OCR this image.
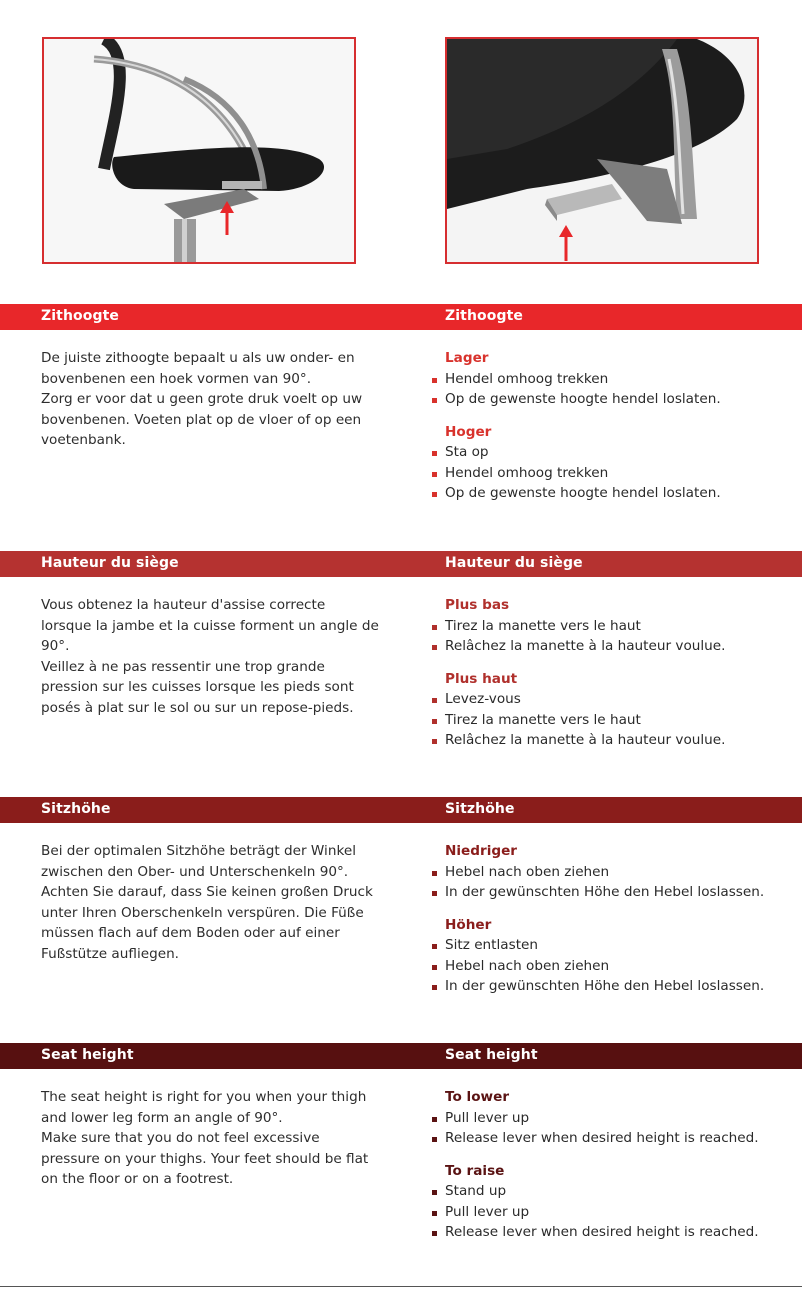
Zithoogte	Zithoogte

De juiste zithoogte bepaalt u als uw onder- en bovenbenen een hoek vormen van 90°.

Zorg er voor dat u geen grote druk voelt op uw bovenbenen. Voeten plat op de vloer of op een voetenbank.

Lager
Hendel omhoog trekken
Op de gewenste hoogte hendel loslaten.
Hoger
Sta op
Hendel omhoog trekken
Op de gewenste hoogte hendel loslaten.
Hauteur du siège	Hauteur du siège

Vous obtenez la hauteur d'assise correcte lorsque la jambe et la cuisse forment un angle de 90°.

Veillez à ne pas ressentir une trop grande pression sur les cuisses lorsque les pieds sont posés à plat sur le sol ou sur un repose-pieds.

Plus bas
Tirez la manette vers le haut
Relâchez la manette à la hauteur voulue.
Plus haut
Levez-vous
Tirez la manette vers le haut
Relâchez la manette à la hauteur voulue.
Sitzhöhe	Sitzhöhe

Bei der optimalen Sitzhöhe beträgt der Winkel zwischen den Ober- und Unterschenkeln 90°. Achten Sie darauf, dass Sie keinen großen Druck unter Ihren Oberschenkeln verspüren. Die Füße müssen flach auf dem Boden oder auf einer Fußstütze aufliegen.

Niedriger
Hebel nach oben ziehen
In der gewünschten Höhe den Hebel loslassen.
Höher
Sitz entlasten
Hebel nach oben ziehen
In der gewünschten Höhe den Hebel loslassen.
Seat height	Seat height

The seat height is right for you when your thigh and lower leg form an angle of 90°.

Make sure that you do not feel excessive pressure on your thighs. Your feet should be flat on the floor or on a footrest.

To lower
Pull lever up
Release lever when desired height is reached.
To raise
Stand up
Pull lever up
Release lever when desired height is reached.
